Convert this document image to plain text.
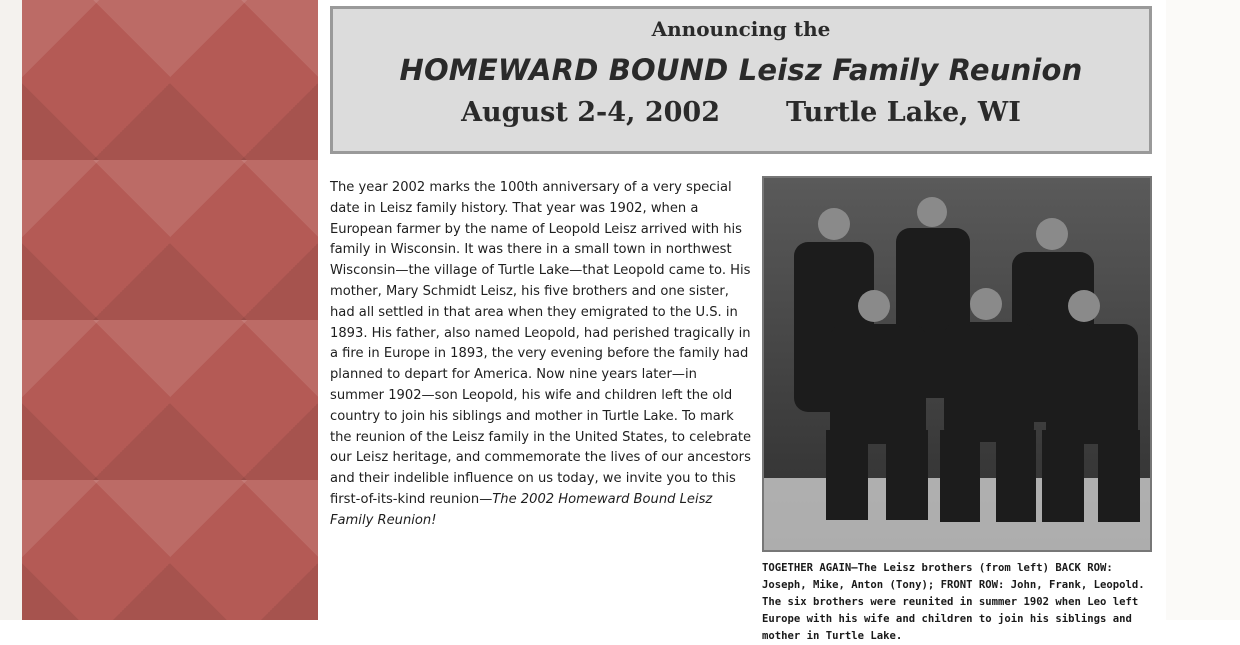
Announcing the
HOMEWARD BOUND Leisz Family Reunion
August 2-4, 2002 Turtle Lake, WI

The year 2002 marks the 100th anniversary of a very special date in Leisz family history. That year was 1902, when a European farmer by the name of Leopold Leisz arrived with his family in Wisconsin. It was there in a small town in northwest Wisconsin—the village of Turtle Lake—that Leopold came to. His mother, Mary Schmidt Leisz, his five brothers and one sister, had all settled in that area when they emigrated to the U.S. in 1893. His father, also named Leopold, had perished tragically in a fire in Europe in 1893, the very evening before the family had planned to depart for America. Now nine years later—in summer 1902—son Leopold, his wife and children left the old country to join his siblings and mother in Turtle Lake. To mark the reunion of the Leisz family in the United States, to celebrate our Leisz heritage, and commemorate the lives of our ancestors and their indelible influence on us today, we invite you to this first-of-its-kind reunion—The 2002 Homeward Bound Leisz Family Reunion!

TOGETHER AGAIN—The Leisz brothers (from left) BACK ROW: Joseph, Mike, Anton (Tony); FRONT ROW: John, Frank, Leopold. The six brothers were reunited in summer 1902 when Leo left Europe with his wife and children to join his siblings and mother in Turtle Lake.
